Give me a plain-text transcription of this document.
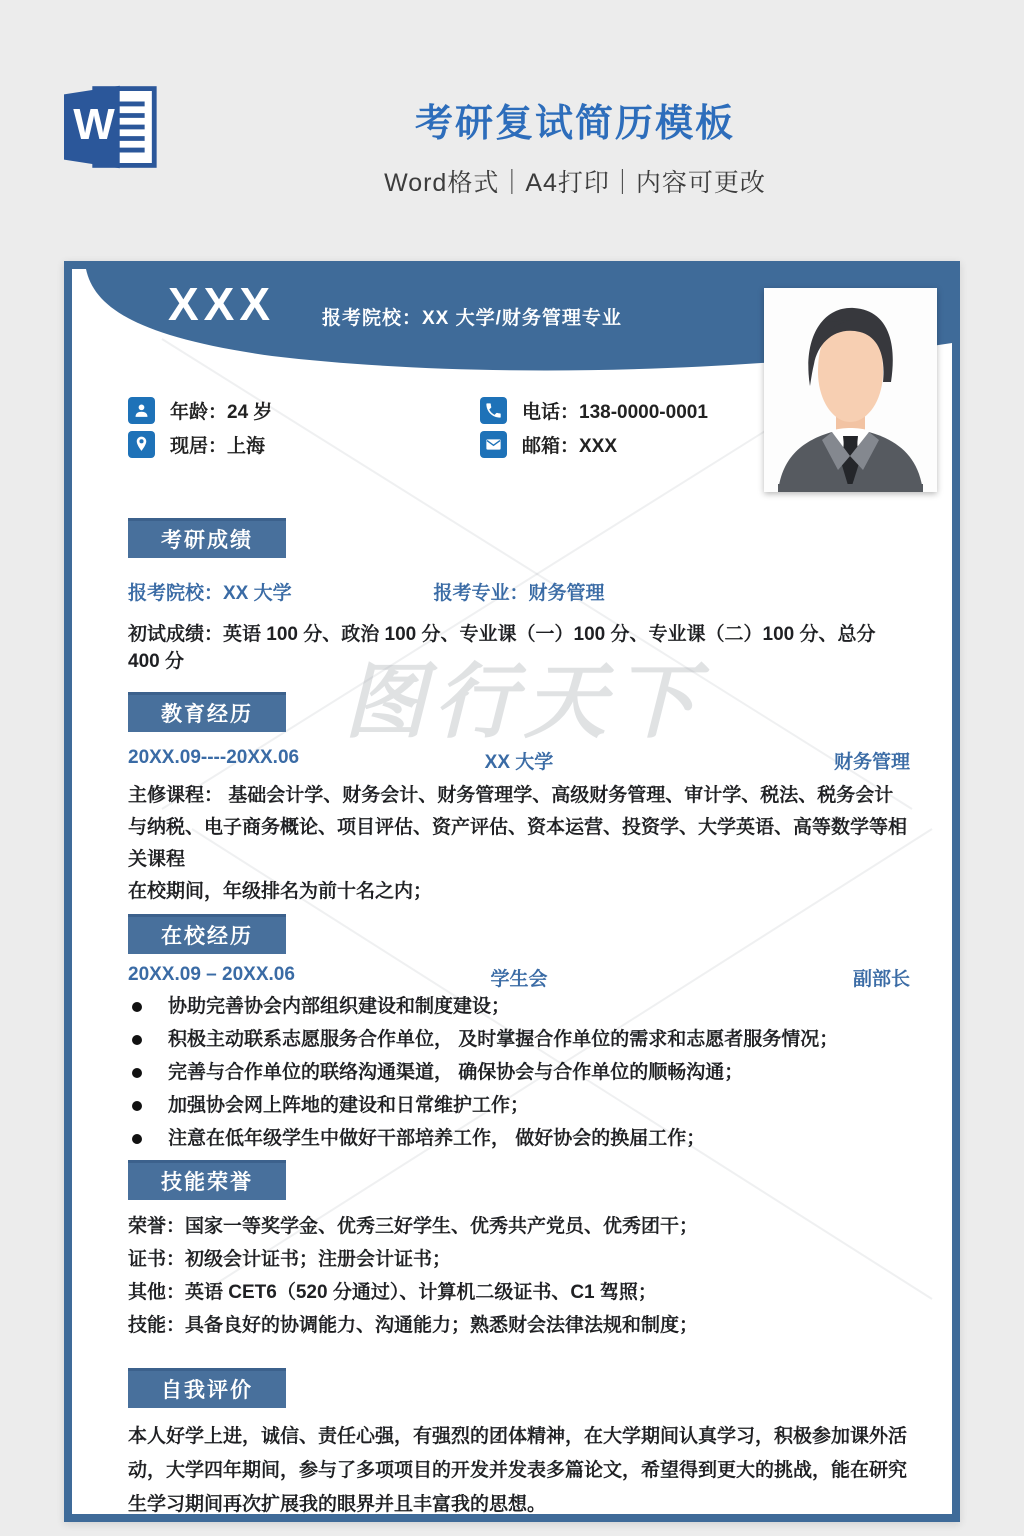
W	考研复试简历模板

Word格式｜A4打印｜内容可更改

图行天下
XXX 报考院校：XX 大学/财务管理专业
年龄：24 岁
现居：上海
电话：138-0000-0001
邮箱：XXX
考研成绩
报考院校：XX 大学	报考专业：财务管理

初试成绩：英语 100 分、政治 100 分、专业课（一）100 分、专业课（二）100 分、总分 400 分

教育经历
20XX.09----20XX.06	XX 大学	财务管理

主修课程： 基础会计学、财务会计、财务管理学、高级财务管理、审计学、税法、税务会计与纳税、电子商务概论、项目评估、资产评估、资本运营、投资学、大学英语、高等数学等相关课程

在校期间，年级排名为前十名之内；

在校经历
20XX.09 – 20XX.06	学生会	副部长
协助完善协会内部组织建设和制度建设；
积极主动联系志愿服务合作单位， 及时掌握合作单位的需求和志愿者服务情况；
完善与合作单位的联络沟通渠道， 确保协会与合作单位的顺畅沟通；
加强协会网上阵地的建设和日常维护工作；
注意在低年级学生中做好干部培养工作， 做好协会的换届工作；
技能荣誉

荣誉：国家一等奖学金、优秀三好学生、优秀共产党员、优秀团干；

证书：初级会计证书；注册会计证书；

其他：英语 CET6（520 分通过）、计算机二级证书、C1 驾照；

技能：具备良好的协调能力、沟通能力；熟悉财会法律法规和制度；

自我评价

本人好学上进，诚信、责任心强，有强烈的团体精神，在大学期间认真学习，积极参加课外活动，大学四年期间，参与了多项项目的开发并发表多篇论文，希望得到更大的挑战，能在研究生学习期间再次扩展我的眼界并且丰富我的思想。
